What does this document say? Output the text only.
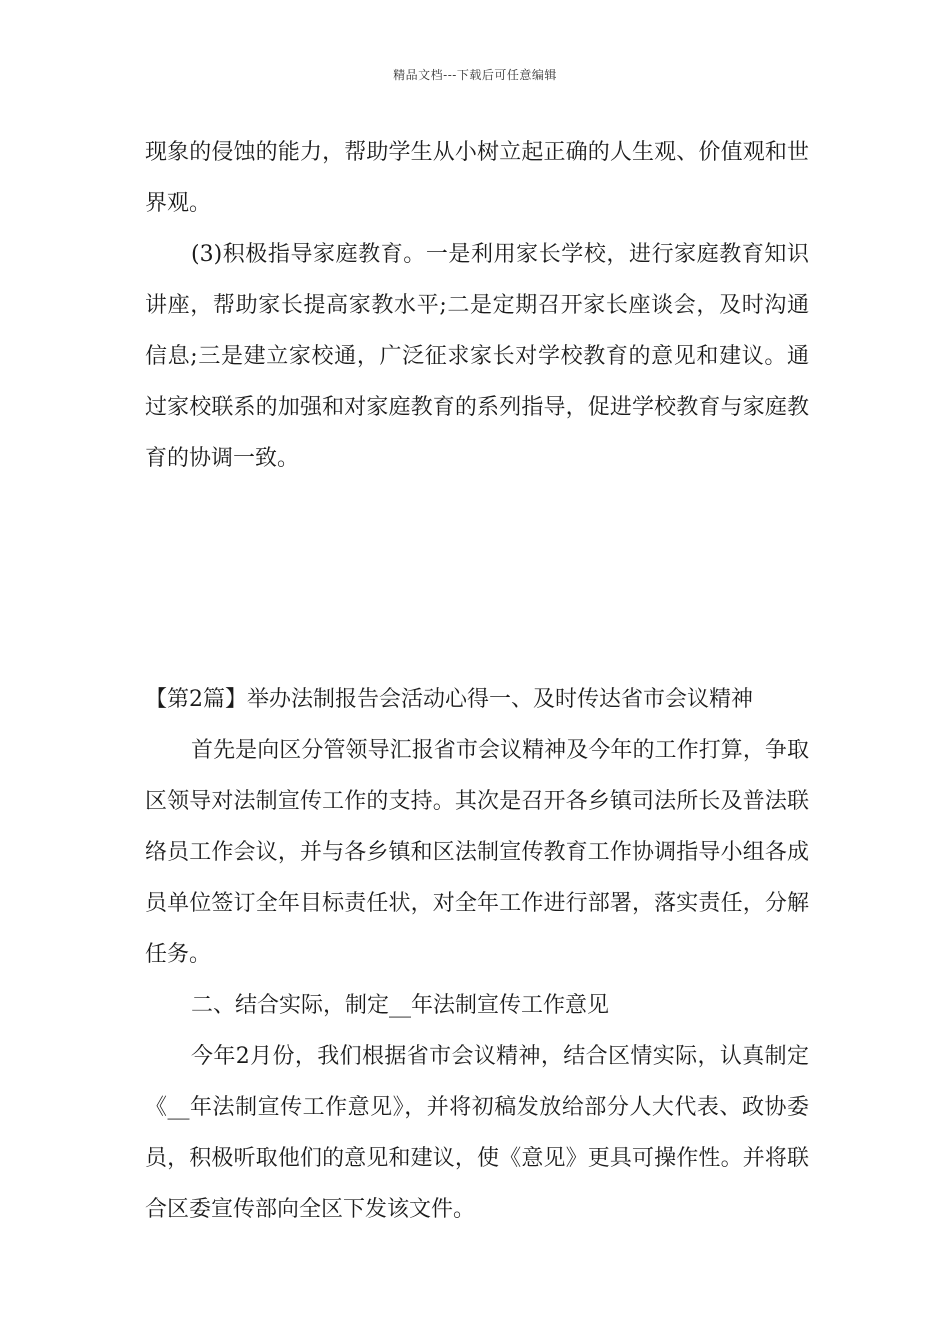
精品文档---下载后可任意编辑

现象的侵蚀的能力，帮助学生从小树立起正确的人生观、价值观和世界观。

(3)积极指导家庭教育。一是利用家长学校，进行家庭教育知识讲座，帮助家长提高家教水平;二是定期召开家长座谈会，及时沟通信息;三是建立家校通，广泛征求家长对学校教育的意见和建议。通过家校联系的加强和对家庭教育的系列指导，促进学校教育与家庭教育的协调一致。

【第2篇】举办法制报告会活动心得一、及时传达省市会议精神

首先是向区分管领导汇报省市会议精神及今年的工作打算，争取区领导对法制宣传工作的支持。其次是召开各乡镇司法所长及普法联络员工作会议，并与各乡镇和区法制宣传教育工作协调指导小组各成员单位签订全年目标责任状，对全年工作进行部署，落实责任，分解任务。

二、结合实际，制定__年法制宣传工作意见

今年2月份，我们根据省市会议精神，结合区情实际，认真制定《__年法制宣传工作意见》，并将初稿发放给部分人大代表、政协委员，积极听取他们的意见和建议，使《意见》更具可操作性。并将联合区委宣传部向全区下发该文件。
